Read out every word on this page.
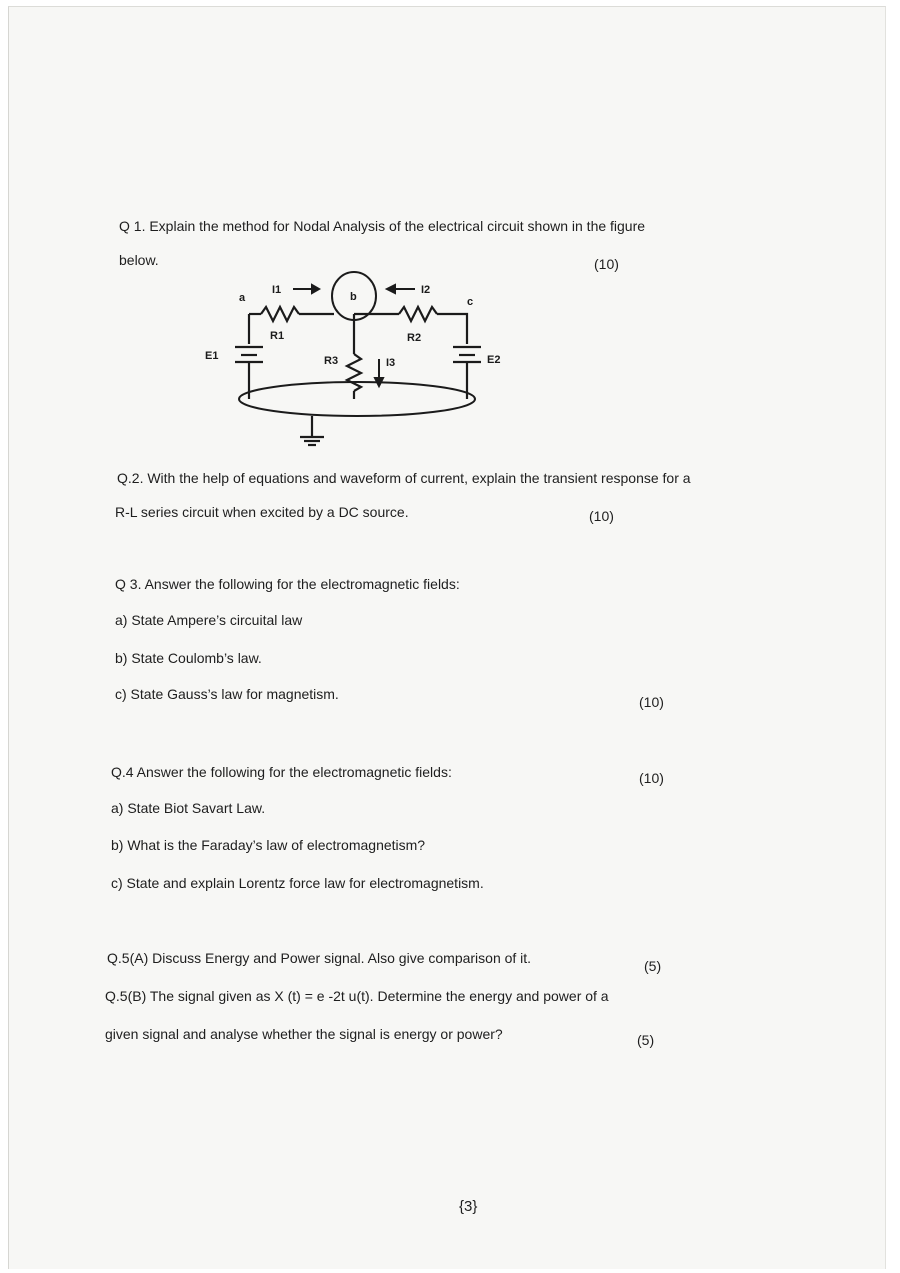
Q 1. Explain the method for Nodal Analysis of the electrical circuit shown in the figure
below.	(10)
I1	I2
a	b	c
R1	R2
R3	I3
E1	E2
Q.2. With the help of equations and waveform of current, explain the transient response for a
R-L series circuit when excited by a DC source.	(10)
Q 3. Answer the following for the electromagnetic fields:
a) State Ampere’s circuital law
b) State Coulomb’s law.
c) State Gauss’s law for magnetism.	(10)
Q.4 Answer the following for the electromagnetic fields:	(10)
a) State Biot Savart Law.
b) What is the Faraday’s law of electromagnetism?
c) State and explain Lorentz force law for electromagnetism.
Q.5(A) Discuss Energy and Power signal. Also give comparison of it.	(5)
Q.5(B) The signal given as X (t) = e -2t u(t). Determine the energy and power of a
given signal and analyse whether the signal is energy or power?	(5)
{3}
